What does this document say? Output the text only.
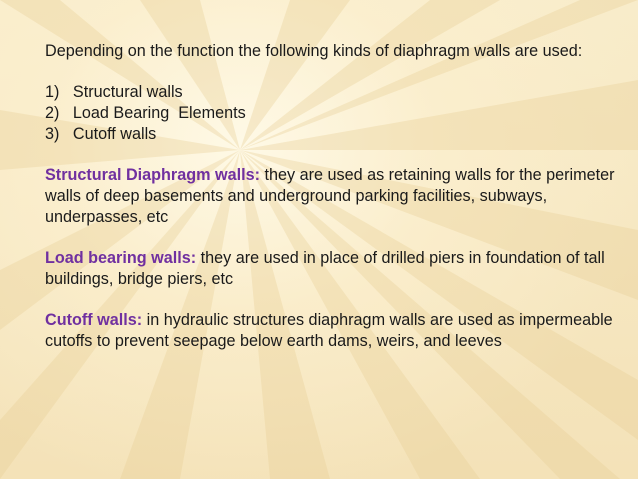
Depending on the function the following kinds of diaphragm walls are used:

1) Structural walls
2) Load Bearing  Elements
3) Cutoff walls

Structural Diaphragm walls: they are used as retaining walls for the perimeter walls of deep basements and underground parking facilities, subways, underpasses, etc

Load bearing walls: they are used in place of drilled piers in foundation of tall buildings, bridge piers, etc

Cutoff walls: in hydraulic structures diaphragm walls are used as impermeable cutoffs to prevent seepage below earth dams, weirs, and leeves
